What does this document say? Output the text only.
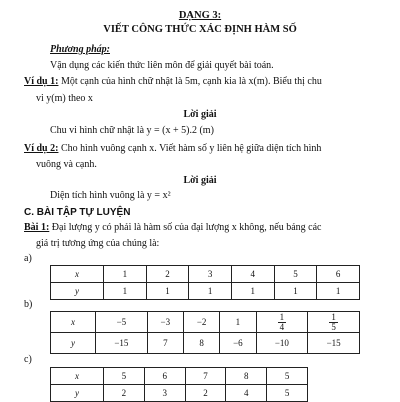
DẠNG 3:
VIẾT CÔNG THỨC XÁC ĐỊNH HÀM SỐ
Phương pháp:
Vận dụng các kiến thức liên môn để giải quyết bài toán.
Ví dụ 1: Một cạnh của hình chữ nhật là 5m, cạnh kia là x(m). Biểu thị chu
vi y(m) theo x
Lời giải
Chu vi hình chữ nhật là y = (x + 5).2 (m)
Ví dụ 2: Cho hình vuông cạnh x. Viết hàm số y liên hệ giữa diện tích hình
vuông và cạnh.
Lời giải
Diện tích hình vuông là y = x²
C. BÀI TẬP TỰ LUYỆN
Bài 1: Đại lượng y có phải là hàm số của đại lượng x không, nếu bảng các
giá trị tương ứng của chúng là:
a)
x	1	2	3	4	5	6
y	1	1	1	1	1	1
b)
x	−5	−3	−2	1	$\frac{1}{4}$	$\frac{1}{5}$

y	−15	7	8	−6	−10	−15
c)
x	5	6	7	8	5
y	2	3	2	4	5
